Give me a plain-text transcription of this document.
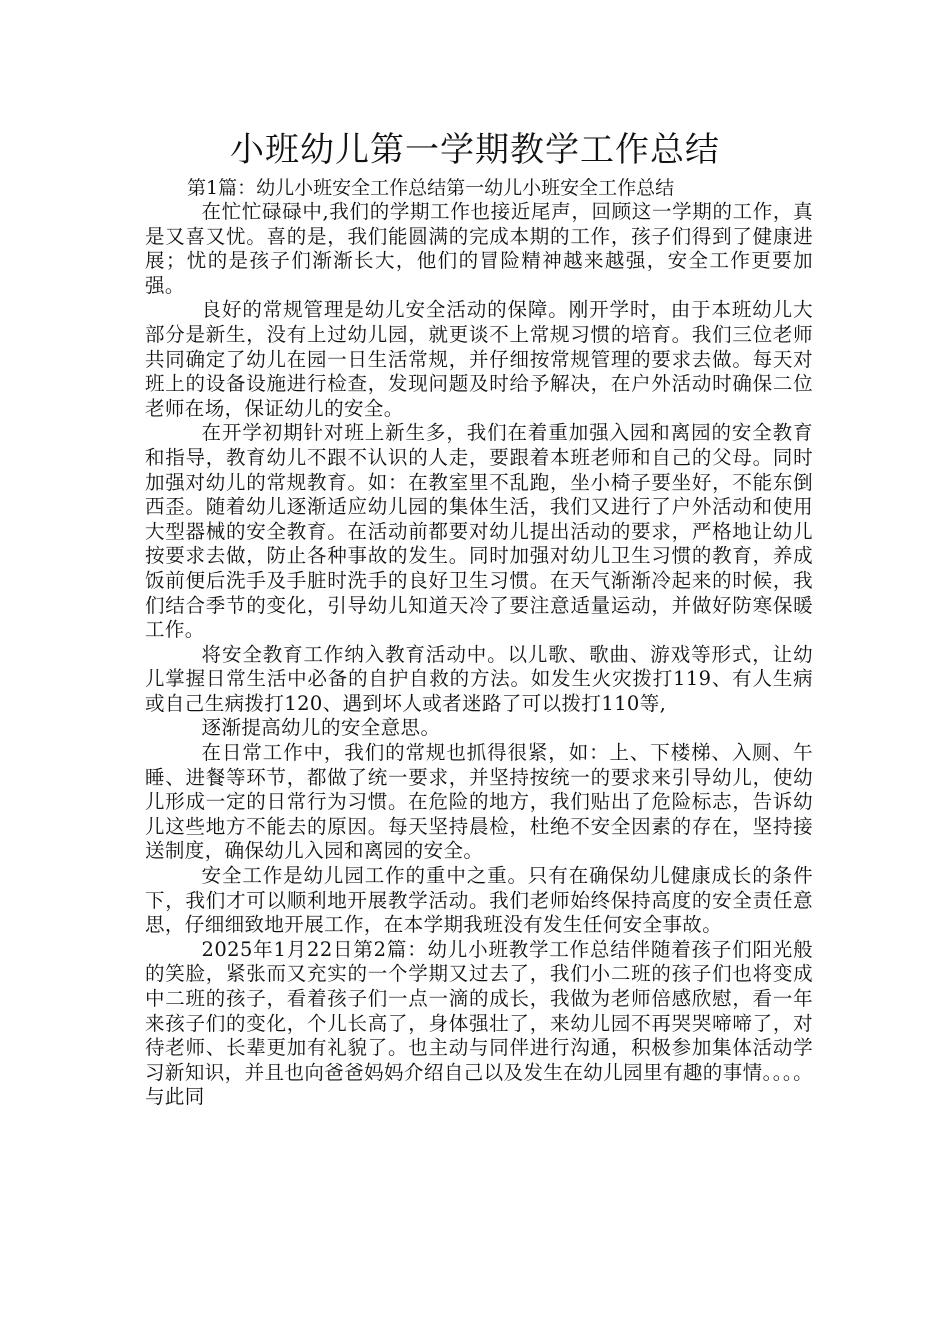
小班幼儿第一学期教学工作总结
第1篇：幼儿小班安全工作总结第一幼儿小班安全工作总结

在忙忙碌碌中,我们的学期工作也接近尾声，回顾这一学期的工作，真是又喜又忧。喜的是，我们能圆满的完成本期的工作，孩子们得到了健康进展；忧的是孩子们渐渐长大，他们的冒险精神越来越强，安全工作更要加强。

良好的常规管理是幼儿安全活动的保障。刚开学时，由于本班幼儿大部分是新生，没有上过幼儿园，就更谈不上常规习惯的培育。我们三位老师共同确定了幼儿在园一日生活常规，并仔细按常规管理的要求去做。每天对班上的设备设施进行检查，发现问题及时给予解决，在户外活动时确保二位老师在场，保证幼儿的安全。

在开学初期针对班上新生多，我们在着重加强入园和离园的安全教育和指导，教育幼儿不跟不认识的人走，要跟着本班老师和自己的父母。同时加强对幼儿的常规教育。如：在教室里不乱跑，坐小椅子要坐好，不能东倒西歪。随着幼儿逐渐适应幼儿园的集体生活，我们又进行了户外活动和使用大型器械的安全教育。在活动前都要对幼儿提出活动的要求，严格地让幼儿按要求去做，防止各种事故的发生。同时加强对幼儿卫生习惯的教育，养成饭前便后洗手及手脏时洗手的良好卫生习惯。在天气渐渐冷起来的时候，我们结合季节的变化，引导幼儿知道天冷了要注意适量运动，并做好防寒保暖工作。

将安全教育工作纳入教育活动中。以儿歌、歌曲、游戏等形式，让幼儿掌握日常生活中必备的自护自救的方法。如发生火灾拨打119、有人生病或自己生病拨打120、遇到坏人或者迷路了可以拨打110等,

逐渐提高幼儿的安全意思。

在日常工作中，我们的常规也抓得很紧，如：上、下楼梯、入厕、午睡、进餐等环节，都做了统一要求，并坚持按统一的要求来引导幼儿，使幼儿形成一定的日常行为习惯。在危险的地方，我们贴出了危险标志，告诉幼儿这些地方不能去的原因。每天坚持晨检，杜绝不安全因素的存在，坚持接送制度，确保幼儿入园和离园的安全。

安全工作是幼儿园工作的重中之重。只有在确保幼儿健康成长的条件下，我们才可以顺利地开展教学活动。我们老师始终保持高度的安全责任意思，仔细细致地开展工作，在本学期我班没有发生任何安全事故。

2025年1月22日第2篇：幼儿小班教学工作总结伴随着孩子们阳光般的笑脸，紧张而又充实的一个学期又过去了，我们小二班的孩子们也将变成中二班的孩子，看着孩子们一点一滴的成长，我做为老师倍感欣慰，看一年来孩子们的变化，个儿长高了，身体强壮了，来幼儿园不再哭哭啼啼了，对待老师、长辈更加有礼貌了。也主动与同伴进行沟通，积极参加集体活动学习新知识，并且也向爸爸妈妈介绍自己以及发生在幼儿园里有趣的事情。。。。与此同
